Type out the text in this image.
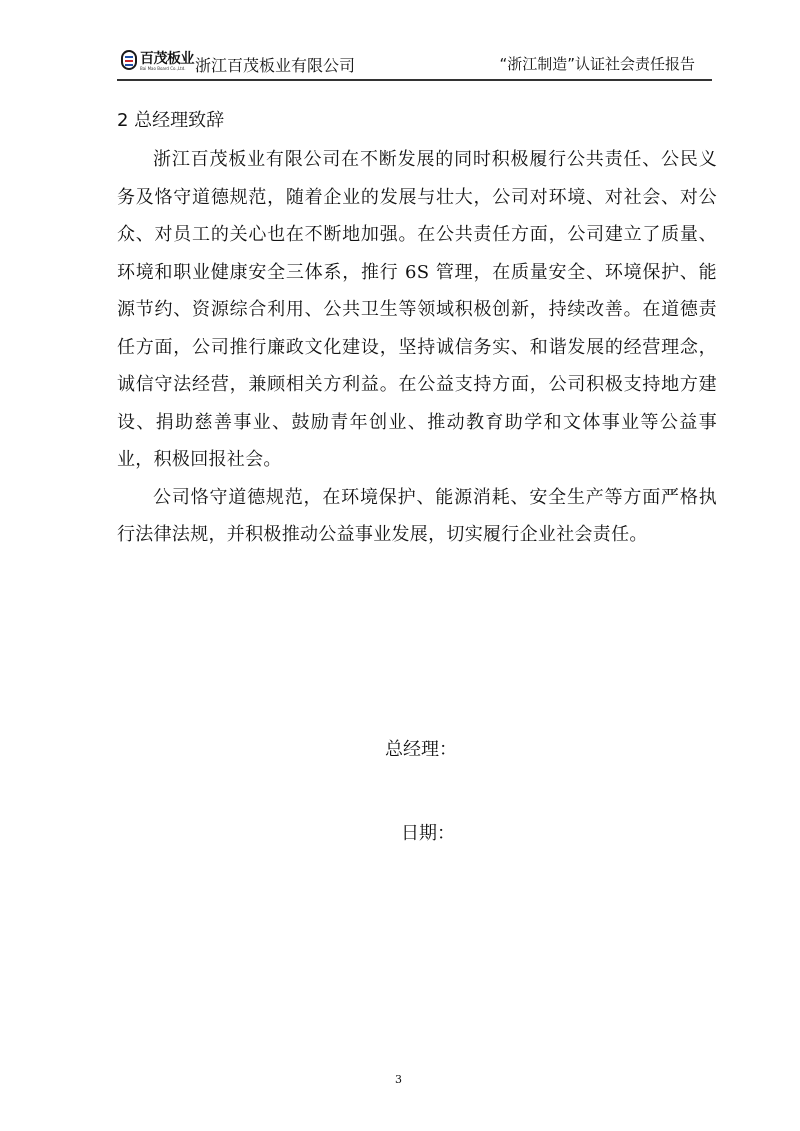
百茂板业
Bai Mao Board Co.,Ltd. 浙江百茂板业有限公司	“浙江制造”认证社会责任报告
2 总经理致辞

浙江百茂板业有限公司在不断发展的同时积极履行公共责任、公民义务及恪守道德规范，随着企业的发展与壮大，公司对环境、对社会、对公众、对员工的关心也在不断地加强。在公共责任方面，公司建立了质量、环境和职业健康安全三体系，推行 6S 管理，在质量安全、环境保护、能源节约、资源综合利用、公共卫生等领域积极创新，持续改善。在道德责任方面，公司推行廉政文化建设，坚持诚信务实、和谐发展的经营理念，诚信守法经营，兼顾相关方利益。在公益支持方面，公司积极支持地方建设、捐助慈善事业、鼓励青年创业、推动教育助学和文体事业等公益事业，积极回报社会。

公司恪守道德规范，在环境保护、能源消耗、安全生产等方面严格执行法律法规，并积极推动公益事业发展，切实履行企业社会责任。

总经理：
日期：
3
